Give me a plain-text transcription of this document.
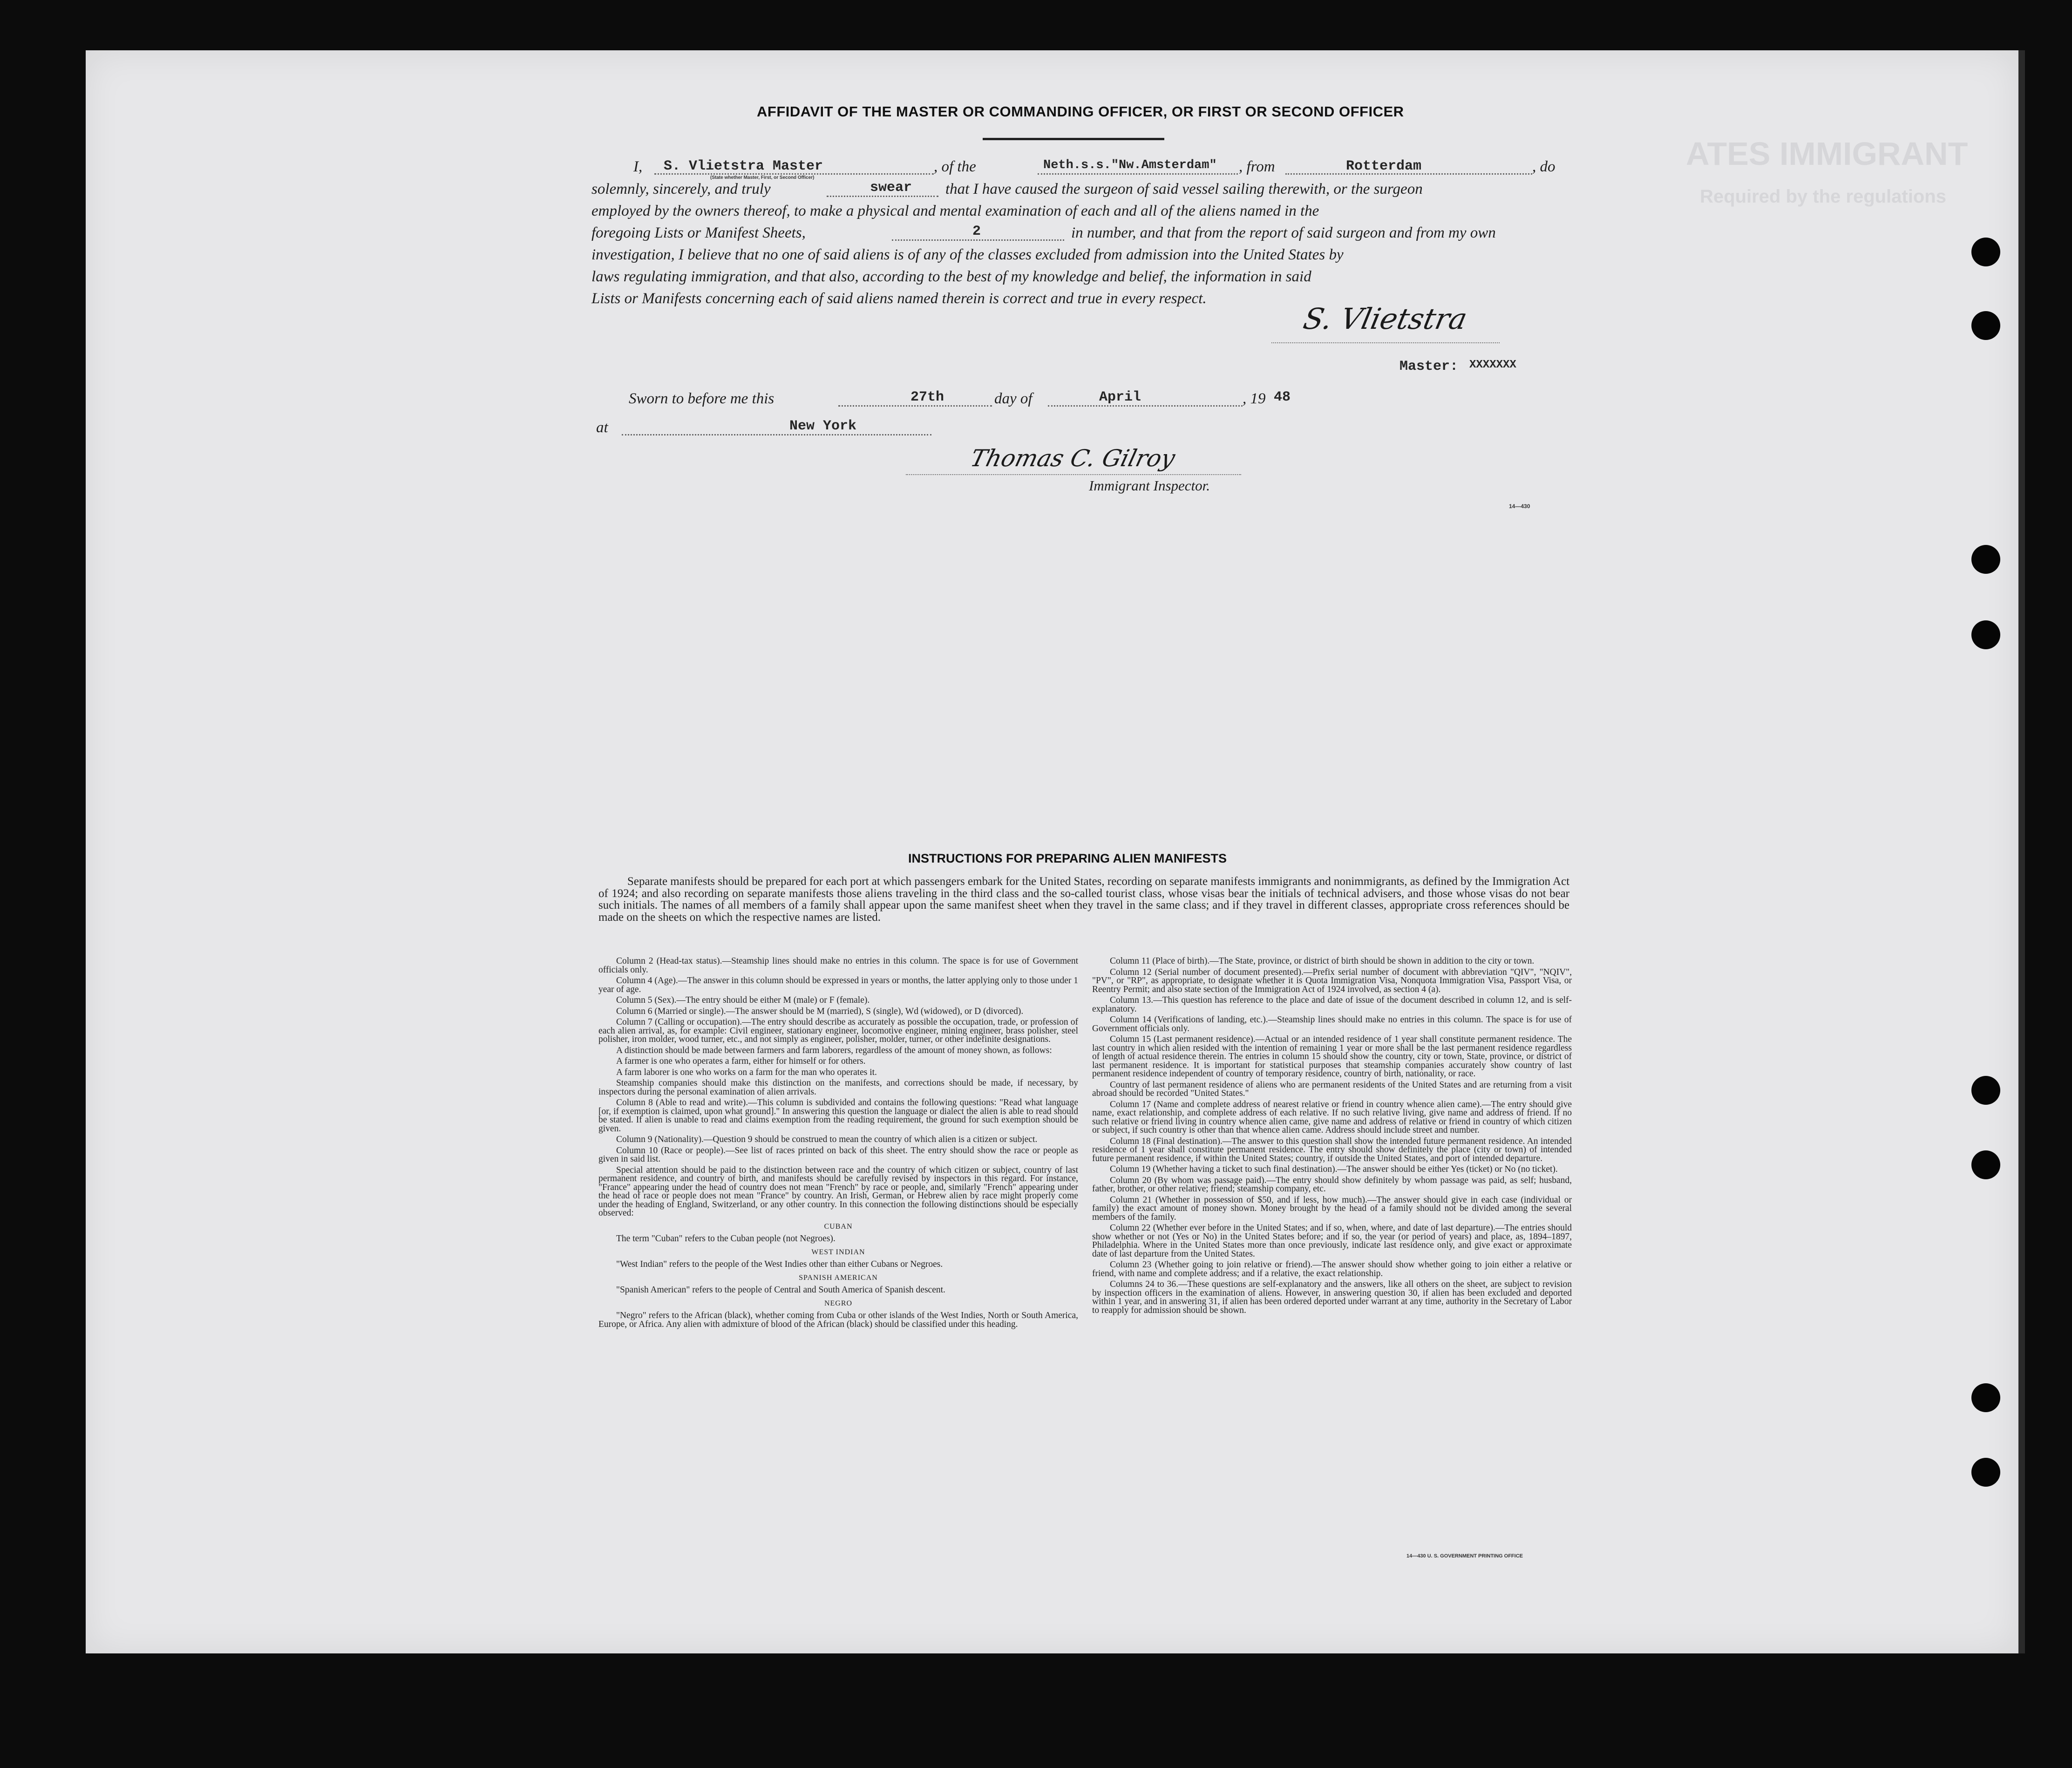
ATES IMMIGRANT
Required by the regulations
AFFIDAVIT OF THE MASTER OR COMMANDING OFFICER, OR FIRST OR SECOND OFFICER
I, S. Vlietstra Master
(State whether Master, First, or Second Officer)
, of the	Neth.s.s."Nw.Amsterdam" , from	Rotterdam	, do
solemnly, sincerely, and truly	swear that I have caused the surgeon of said vessel sailing therewith, or the surgeon
employed by the owners thereof, to make a physical and mental examination of each and all of the aliens named in the
foregoing Lists or Manifest Sheets,	2	in number, and that from the report of said surgeon and from my own
investigation, I believe that no one of said aliens is of any of the classes excluded from admission into the United States by
laws regulating immigration, and that also, according to the best of my knowledge and belief, the information in said
Lists or Manifests concerning each of said aliens named therein is correct and true in every respect.
S. Vlietstra
Master: XXXXXXX
Sworn to before me this	27th	day of	April	, 19 48
at	New York
Thomas C. Gilroy
Immigrant Inspector.
14—430
INSTRUCTIONS FOR PREPARING ALIEN MANIFESTS
Separate manifests should be prepared for each port at which passengers embark for the United States, recording on separate manifests immigrants and nonimmigrants, as defined by the Immigration Act of 1924; and also recording on separate manifests those aliens traveling in the third class and the so-called tourist class, whose visas bear the initials of technical advisers, and those whose visas do not bear such initials. The names of all members of a family shall appear upon the same manifest sheet when they travel in the same class; and if they travel in different classes, appropriate cross references should be made on the sheets on which the respective names are listed.

Column 2 (Head-tax status).—Steamship lines should make no entries in this column. The space is for use of Government officials only.

Column 4 (Age).—The answer in this column should be expressed in years or months, the latter applying only to those under 1 year of age.

Column 5 (Sex).—The entry should be either M (male) or F (female).

Column 6 (Married or single).—The answer should be M (married), S (single), Wd (widowed), or D (divorced).

Column 7 (Calling or occupation).—The entry should describe as accurately as possible the occupation, trade, or profession of each alien arrival, as, for example: Civil engineer, stationary engineer, locomotive engineer, mining engineer, brass polisher, steel polisher, iron molder, wood turner, etc., and not simply as engineer, polisher, molder, turner, or other indefinite designations.

A distinction should be made between farmers and farm laborers, regardless of the amount of money shown, as follows:

A farmer is one who operates a farm, either for himself or for others.

A farm laborer is one who works on a farm for the man who operates it.

Steamship companies should make this distinction on the manifests, and corrections should be made, if necessary, by inspectors during the personal examination of alien arrivals.

Column 8 (Able to read and write).—This column is subdivided and contains the following questions: "Read what language [or, if exemption is claimed, upon what ground]." In answering this question the language or dialect the alien is able to read should be stated. If alien is unable to read and claims exemption from the reading requirement, the ground for such exemption should be given.

Column 9 (Nationality).—Question 9 should be construed to mean the country of which alien is a citizen or subject.

Column 10 (Race or people).—See list of races printed on back of this sheet. The entry should show the race or people as given in said list.

Special attention should be paid to the distinction between race and the country of which citizen or subject, country of last permanent residence, and country of birth, and manifests should be carefully revised by inspectors in this regard. For instance, "France" appearing under the head of country does not mean "French" by race or people, and, similarly "French" appearing under the head of race or people does not mean "France" by country. An Irish, German, or Hebrew alien by race might properly come under the heading of England, Switzerland, or any other country. In this connection the following distinctions should be especially observed:

CUBAN

The term "Cuban" refers to the Cuban people (not Negroes).

WEST INDIAN

"West Indian" refers to the people of the West Indies other than either Cubans or Negroes.

SPANISH AMERICAN

"Spanish American" refers to the people of Central and South America of Spanish descent.

NEGRO

"Negro" refers to the African (black), whether coming from Cuba or other islands of the West Indies, North or South America, Europe, or Africa. Any alien with admixture of blood of the African (black) should be classified under this heading.

Column 11 (Place of birth).—The State, province, or district of birth should be shown in addition to the city or town.

Column 12 (Serial number of document presented).—Prefix serial number of document with abbreviation "QIV", "NQIV", "PV", or "RP", as appropriate, to designate whether it is Quota Immigration Visa, Nonquota Immigration Visa, Passport Visa, or Reentry Permit; and also state section of the Immigration Act of 1924 involved, as section 4 (a).

Column 13.—This question has reference to the place and date of issue of the document described in column 12, and is self-explanatory.

Column 14 (Verifications of landing, etc.).—Steamship lines should make no entries in this column. The space is for use of Government officials only.

Column 15 (Last permanent residence).—Actual or an intended residence of 1 year shall constitute permanent residence. The last country in which alien resided with the intention of remaining 1 year or more shall be the last permanent residence regardless of length of actual residence therein. The entries in column 15 should show the country, city or town, State, province, or district of last permanent residence. It is important for statistical purposes that steamship companies accurately show country of last permanent residence independent of country of temporary residence, country of birth, nationality, or race.

Country of last permanent residence of aliens who are permanent residents of the United States and are returning from a visit abroad should be recorded "United States."

Column 17 (Name and complete address of nearest relative or friend in country whence alien came).—The entry should give name, exact relationship, and complete address of each relative. If no such relative living, give name and address of friend. If no such relative or friend living in country whence alien came, give name and address of relative or friend in country of which citizen or subject, if such country is other than that whence alien came. Address should include street and number.

Column 18 (Final destination).—The answer to this question shall show the intended future permanent residence. An intended residence of 1 year shall constitute permanent residence. The entry should show definitely the place (city or town) of intended future permanent residence, if within the United States; country, if outside the United States, and port of intended departure.

Column 19 (Whether having a ticket to such final destination).—The answer should be either Yes (ticket) or No (no ticket).

Column 20 (By whom was passage paid).—The entry should show definitely by whom passage was paid, as self; husband, father, brother, or other relative; friend; steamship company, etc.

Column 21 (Whether in possession of $50, and if less, how much).—The answer should give in each case (individual or family) the exact amount of money shown. Money brought by the head of a family should not be divided among the several members of the family.

Column 22 (Whether ever before in the United States; and if so, when, where, and date of last departure).—The entries should show whether or not (Yes or No) in the United States before; and if so, the year (or period of years) and place, as, 1894–1897, Philadelphia. Where in the United States more than once previously, indicate last residence only, and give exact or approximate date of last departure from the United States.

Column 23 (Whether going to join relative or friend).—The answer should show whether going to join either a relative or friend, with name and complete address; and if a relative, the exact relationship.

Columns 24 to 36.—These questions are self-explanatory and the answers, like all others on the sheet, are subject to revision by inspection officers in the examination of aliens. However, in answering question 30, if alien has been excluded and deported within 1 year, and in answering 31, if alien has been ordered deported under warrant at any time, authority in the Secretary of Labor to reapply for admission should be shown.

14—430 U. S. GOVERNMENT PRINTING OFFICE
